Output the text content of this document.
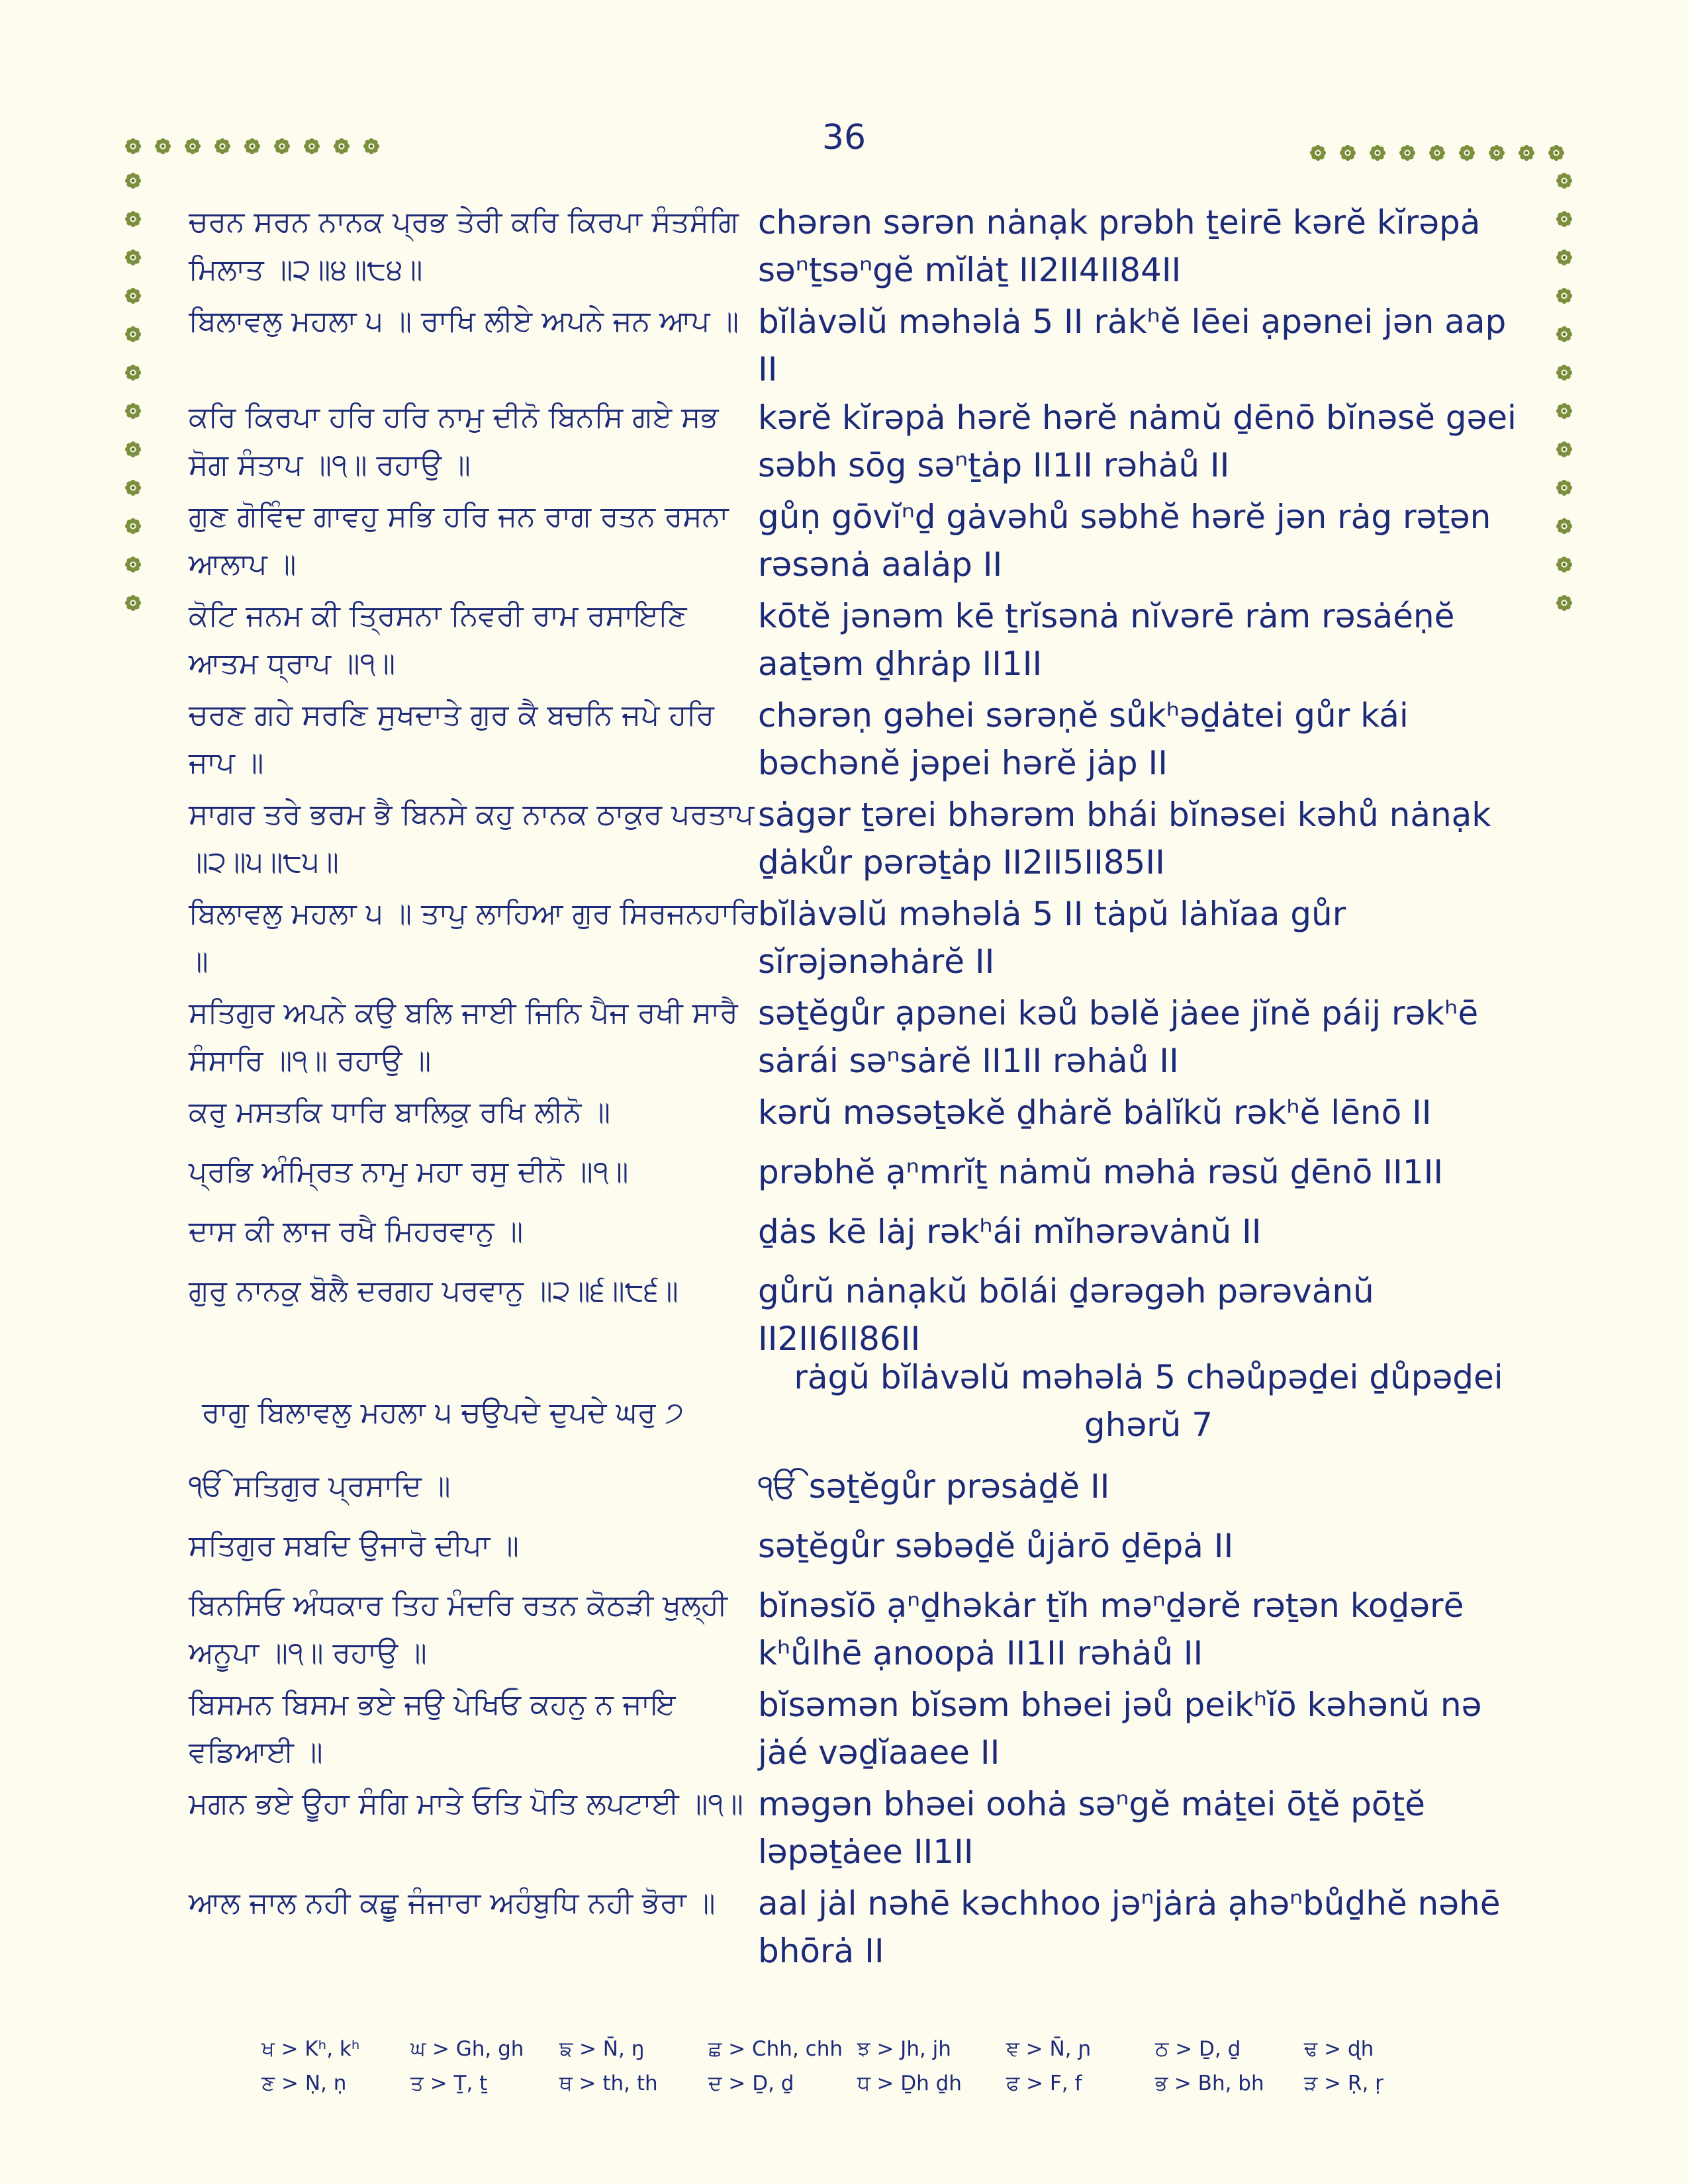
36
ਚਰਨ ਸਰਨ ਨਾਨਕ ਪ੍ਰਭ ਤੇਰੀ ਕਰਿ ਕਿਰਪਾ ਸੰਤਸੰਗਿ ਮਿਲਾਤ ॥੨॥੪॥੮੪॥
chərən sərən nȧnạk prəbh ṯeirē kərĕ kĭrəpȧ səⁿṯsəⁿgĕ mĭlȧṯ II2II4II84II
ਬਿਲਾਵਲੁ ਮਹਲਾ ੫ ॥ ਰਾਖਿ ਲੀਏ ਅਪਨੇ ਜਨ ਆਪ ॥ bĭlȧvəlŭ məhəlȧ 5 II rȧkʰĕ lēei ạpənei jən aap II
ਕਰਿ ਕਿਰਪਾ ਹਰਿ ਹਰਿ ਨਾਮੁ ਦੀਨੋ ਬਿਨਸਿ ਗਏ ਸਭ ਸੋਗ ਸੰਤਾਪ ॥੧॥ ਰਹਾਉ ॥
kərĕ kĭrəpȧ hərĕ hərĕ nȧmŭ ḏēnō bĭnəsĕ gəei səbh sōg səⁿṯȧp II1II rəhȧů II
ਗੁਣ ਗੋਵਿੰਦ ਗਾਵਹੁ ਸਭਿ ਹਰਿ ਜਨ ਰਾਗ ਰਤਨ ਰਸਨਾ ਆਲਾਪ ॥
gůṇ gōvĭⁿḏ gȧvəhů səbhĕ hərĕ jən rȧg rəṯən rəsənȧ aalȧp II
ਕੋਟਿ ਜਨਮ ਕੀ ਤ੍ਰਿਸਨਾ ਨਿਵਰੀ ਰਾਮ ਰਸਾਇਣਿ ਆਤਮ ਧ੍ਰਾਪ ॥੧॥
kōtĕ jənəm kē ṯrĭsənȧ nĭvərē rȧm rəsȧéṇĕ aaṯəm ḏhrȧp II1II
ਚਰਣ ਗਹੇ ਸਰਣਿ ਸੁਖਦਾਤੇ ਗੁਰ ਕੈ ਬਚਨਿ ਜਪੇ ਹਰਿ ਜਾਪ ॥
chərəṇ gəhei sərəṇĕ sůkʰəḏȧtei gůr kái bəchənĕ jəpei hərĕ jȧp II
ਸਾਗਰ ਤਰੇ ਭਰਮ ਭੈ ਬਿਨਸੇ ਕਹੁ ਨਾਨਕ ਠਾਕੁਰ ਪਰਤਾਪ ॥੨॥੫॥੮੫॥
sȧgər ṯərei bhərəm bhái bĭnəsei kəhů nȧnạk ḏȧkůr pərəṯȧp II2II5II85II
ਬਿਲਾਵਲੁ ਮਹਲਾ ੫ ॥ ਤਾਪੁ ਲਾਹਿਆ ਗੁਰ ਸਿਰਜਨਹਾਰਿ ॥
bĭlȧvəlŭ məhəlȧ 5 II tȧpŭ lȧhĭaa gůr sĭrəjənəhȧrĕ II
ਸਤਿਗੁਰ ਅਪਨੇ ਕਉ ਬਲਿ ਜਾਈ ਜਿਨਿ ਪੈਜ ਰਖੀ ਸਾਰੈ ਸੰਸਾਰਿ ॥੧॥ ਰਹਾਉ ॥
səṯĕgůr ạpənei kəů bəlĕ jȧee jĭnĕ páij rəkʰē sȧrái səⁿsȧrĕ II1II rəhȧů II
ਕਰੁ ਮਸਤਕਿ ਧਾਰਿ ਬਾਲਿਕੁ ਰਖਿ ਲੀਨੋ ॥	kərŭ məsəṯəkĕ ḏhȧrĕ bȧlĭkŭ rəkʰĕ lēnō II
ਪ੍ਰਭਿ ਅੰਮ੍ਰਿਤ ਨਾਮੁ ਮਹਾ ਰਸੁ ਦੀਨੋ ॥੧॥	prəbhĕ ạⁿmrĭṯ nȧmŭ məhȧ rəsŭ ḏēnō II1II
ਦਾਸ ਕੀ ਲਾਜ ਰਖੈ ਮਿਹਰਵਾਨੁ ॥	ḏȧs kē lȧj rəkʰái mĭhərəvȧnŭ II
ਗੁਰੁ ਨਾਨਕੁ ਬੋਲੈ ਦਰਗਹ ਪਰਵਾਨੁ ॥੨॥੬॥੮੬॥	gůrŭ nȧnạkŭ bōlái ḏərəgəh pərəvȧnŭ II2II6II86II
ਰਾਗੁ ਬਿਲਾਵਲੁ ਮਹਲਾ ੫ ਚਉਪਦੇ ਦੁਪਦੇ ਘਰੁ ੭
rȧgŭ bĭlȧvəlŭ məhəlȧ 5 chəůpəḏei ḏůpəḏei ghərŭ 7
ੴ ਸਤਿਗੁਰ ਪ੍ਰਸਾਦਿ ॥	ੴ səṯĕgůr prəsȧḏĕ II
ਸਤਿਗੁਰ ਸਬਦਿ ਉਜਾਰੋ ਦੀਪਾ ॥	səṯĕgůr səbəḏĕ ůjȧrō ḏēpȧ II
ਬਿਨਸਿਓ ਅੰਧਕਾਰ ਤਿਹ ਮੰਦਰਿ ਰਤਨ ਕੋਠੜੀ ਖੁਲ੍ਹੀ ਅਨੂਪਾ ॥੧॥ ਰਹਾਉ ॥
bĭnəsĭō ạⁿḏhəkȧr ṯĭh məⁿḏərĕ rəṯən koḏərē kʰůlhē ạnoopȧ II1II rəhȧů II
ਬਿਸਮਨ ਬਿਸਮ ਭਏ ਜਉ ਪੇਖਿਓ ਕਹਨੁ ਨ ਜਾਇ ਵਡਿਆਈ ॥
bĭsəmən bĭsəm bhəei jəů peikʰĭō kəhənŭ nə jȧé vəḏĭaaee II
ਮਗਨ ਭਏ ਊਹਾ ਸੰਗਿ ਮਾਤੇ ਓਤਿ ਪੋਤਿ ਲਪਟਾਈ ॥੧॥ məgən bhəei oohȧ səⁿgĕ mȧṯei ōṯĕ pōṯĕ ləpəṯȧee II1II
ਆਲ ਜਾਲ ਨਹੀ ਕਛੂ ਜੰਜਾਰਾ ਅਹੰਬੁਧਿ ਨਹੀ ਭੋਰਾ ॥	aal jȧl nəhē kəchhoo jəⁿjȧrȧ ạhəⁿbůḏhĕ nəhē bhōrȧ II
ਖ > Kʰ, kʰ	ਘ > Gh, gh	ਙ > N̄, ŋ	ਛ > Chh, chh ਝ > Jh, jh	ਞ > N̄, ɲ	ਠ > Ḏ, ḏ	ਢ > ɖh
ਣ > Ṇ, ṇ	ਤ > Ṯ, ṯ	ਥ > th, th	ਦ > Ḏ, ḏ	ਧ > Ḏh ḏh	ਫ > F, f	ਭ > Bh, bh	ੜ > Ṛ, ṛ
